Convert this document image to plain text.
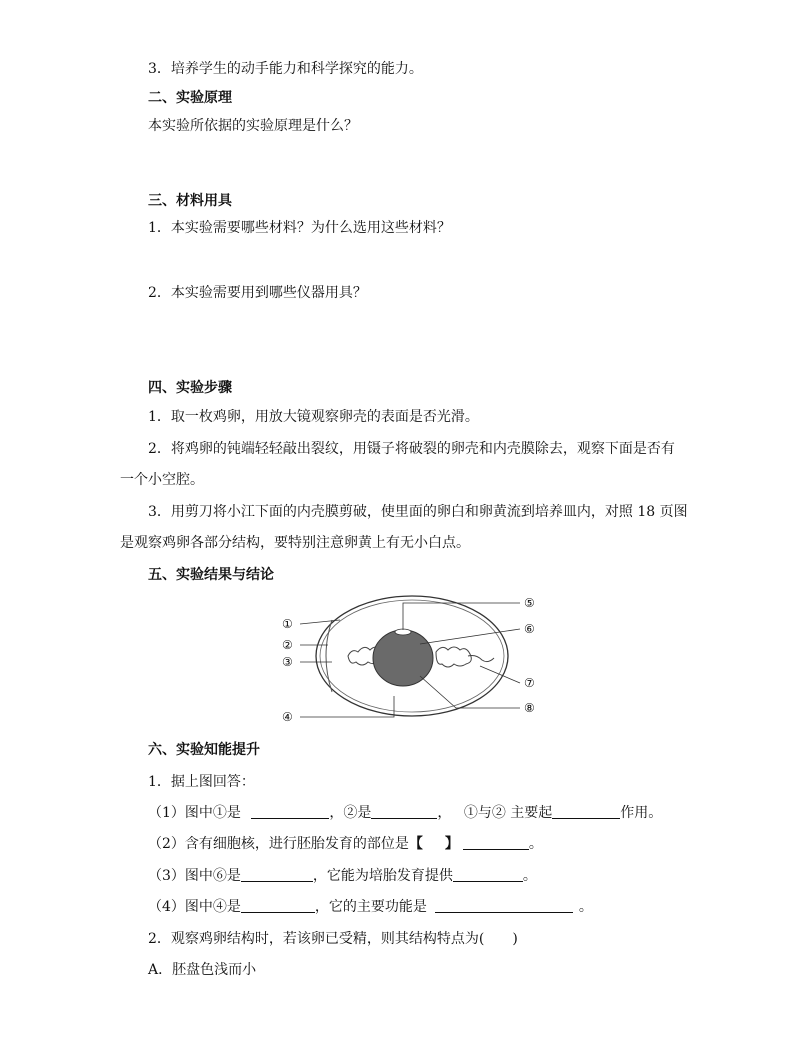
3．培养学生的动手能力和科学探究的能力。
二、实验原理
本实验所依据的实验原理是什么？
三、材料用具
1．本实验需要哪些材料？为什么选用这些材料？
2．本实验需要用到哪些仪器用具？
四、实验步骤
1．取一枚鸡卵，用放大镜观察卵壳的表面是否光滑。
2．将鸡卵的钝端轻轻敲出裂纹，用镊子将破裂的卵壳和内壳膜除去，观察下面是否有
一个小空腔。
3．用剪刀将小江下面的内壳膜剪破，使里面的卵白和卵黄流到培养皿内，对照 18 页图
是观察鸡卵各部分结构，要特别注意卵黄上有无小白点。
五、实验结果与结论
①
②
③
④
⑤
⑥
⑦
⑧
六、实验知能提升
1．据上图回答：
（1）图中①是	，②是	， ①与② 主要起	作用。
（2）含有细胞核，进行胚胎发育的部位是【 】	。
（3）图中⑥是	，它能为培胎发育提供	。
（4）图中④是	，它的主要功能是	。
2．观察鸡卵结构时，若该卵已受精，则其结构特点为(　　)
A．胚盘色浅而小
